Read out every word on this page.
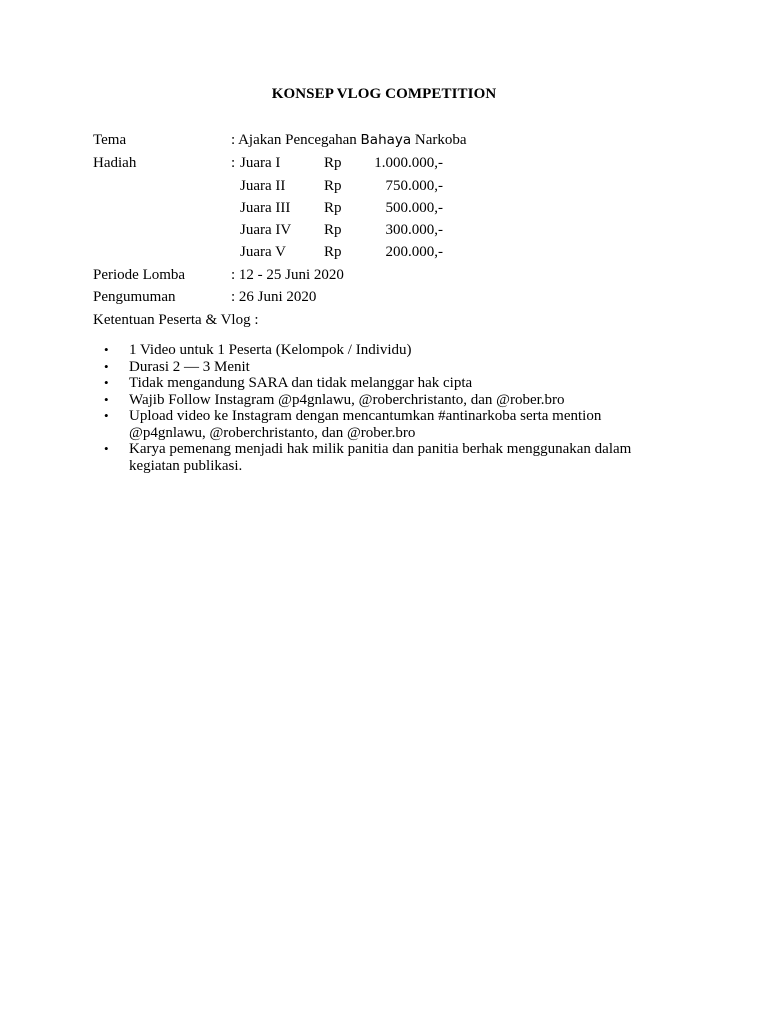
KONSEP VLOG COMPETITION
Tema	: Ajakan Pencegahan Bahaya Narkoba
Hadiah	: Juara I	Rp	1.000.000,-
Juara II	Rp	750.000,-
Juara III Rp	500.000,-
Juara IV Rp	300.000,-
Juara V	Rp	200.000,-
Periode Lomba	: 12 - 25 Juni 2020
Pengumuman	: 26 Juni 2020
Ketentuan Peserta & Vlog :
• 1 Video untuk 1 Peserta (Kelompok / Individu)
• Durasi 2 — 3 Menit
• Tidak mengandung SARA dan tidak melanggar hak cipta
• Wajib Follow Instagram @p4gnlawu, @roberchristanto, dan @rober.bro
• Upload video ke Instagram dengan mencantumkan #antinarkoba serta mention @p4gnlawu, @roberchristanto, dan @rober.bro
• Karya pemenang menjadi hak milik panitia dan panitia berhak menggunakan dalam kegiatan publikasi.
